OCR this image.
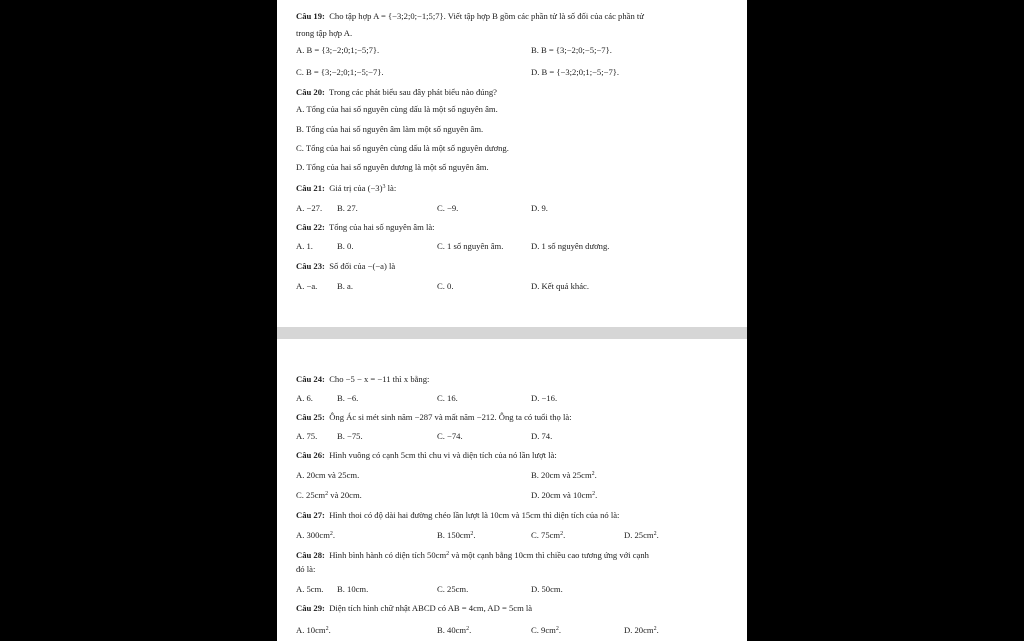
Câu 19: Cho tập hợp A = {−3;2;0;−1;5;7}. Viết tập hợp B gồm các phần tử là số đối của các phần tử
trong tập hợp A.
A. B = {3;−2;0;1;−5;7}.	B. B = {3;−2;0;−5;−7}.
C. B = {3;−2;0;1;−5;−7}.	D. B = {−3;2;0;1;−5;−7}.
Câu 20: Trong các phát biểu sau đây phát biểu nào đúng?
A. Tổng của hai số nguyên cùng dấu là một số nguyên âm.
B. Tổng của hai số nguyên âm làm một số nguyên âm.
C. Tổng của hai số nguyên cùng dấu là một số nguyên dương.
D. Tổng của hai số nguyên dương là một số nguyên âm.
Câu 21: Giá trị của $(-3)^3$ là:
A. −27. B. 27.	C. −9.	D. 9.
Câu 22: Tổng của hai số nguyên âm là:
A. 1.	B. 0.	C. 1 số nguyên âm.	D. 1 số nguyên dương.
Câu 23: Số đối của −(−a) là
A. −a. B. a.	C. 0.	D. Kết quả khác.
Câu 24: Cho −5 − x = −11 thì x bằng:
A. 6.	B. −6.	C. 16.	D. −16.
Câu 25: Ông Ác si mét sinh năm −287 và mất năm −212. Ông ta có tuổi thọ là:
A. 75. B. −75.	C. −74.	D. 74.
Câu 26: Hình vuông có cạnh 5cm thì chu vi và diện tích của nó lần lượt là:
A. 20cm và 25cm.	B. 20cm và $25cm^2$.
C. $25cm^2$ và 20cm.	D. 20cm và $10cm^2$.
Câu 27: Hình thoi có độ dài hai đường chéo lần lượt là 10cm và 15cm thì diện tích của nó là:
A. $300cm^2$.	B. $150cm^2$.	C. $75cm^2$.	D. $25cm^2$.
Câu 28: Hình bình hành có diện tích $50cm^2$ và một cạnh bằng 10cm thì chiều cao tương ứng với cạnh
đó là:
A. 5cm. B. 10cm.	C. 25cm.	D. 50cm.
Câu 29: Diện tích hình chữ nhật ABCD có AB = 4cm, AD = 5cm là
A. $10cm^2$.	B. $40cm^2$.	C. $9cm^2$.	D. $20cm^2$.
